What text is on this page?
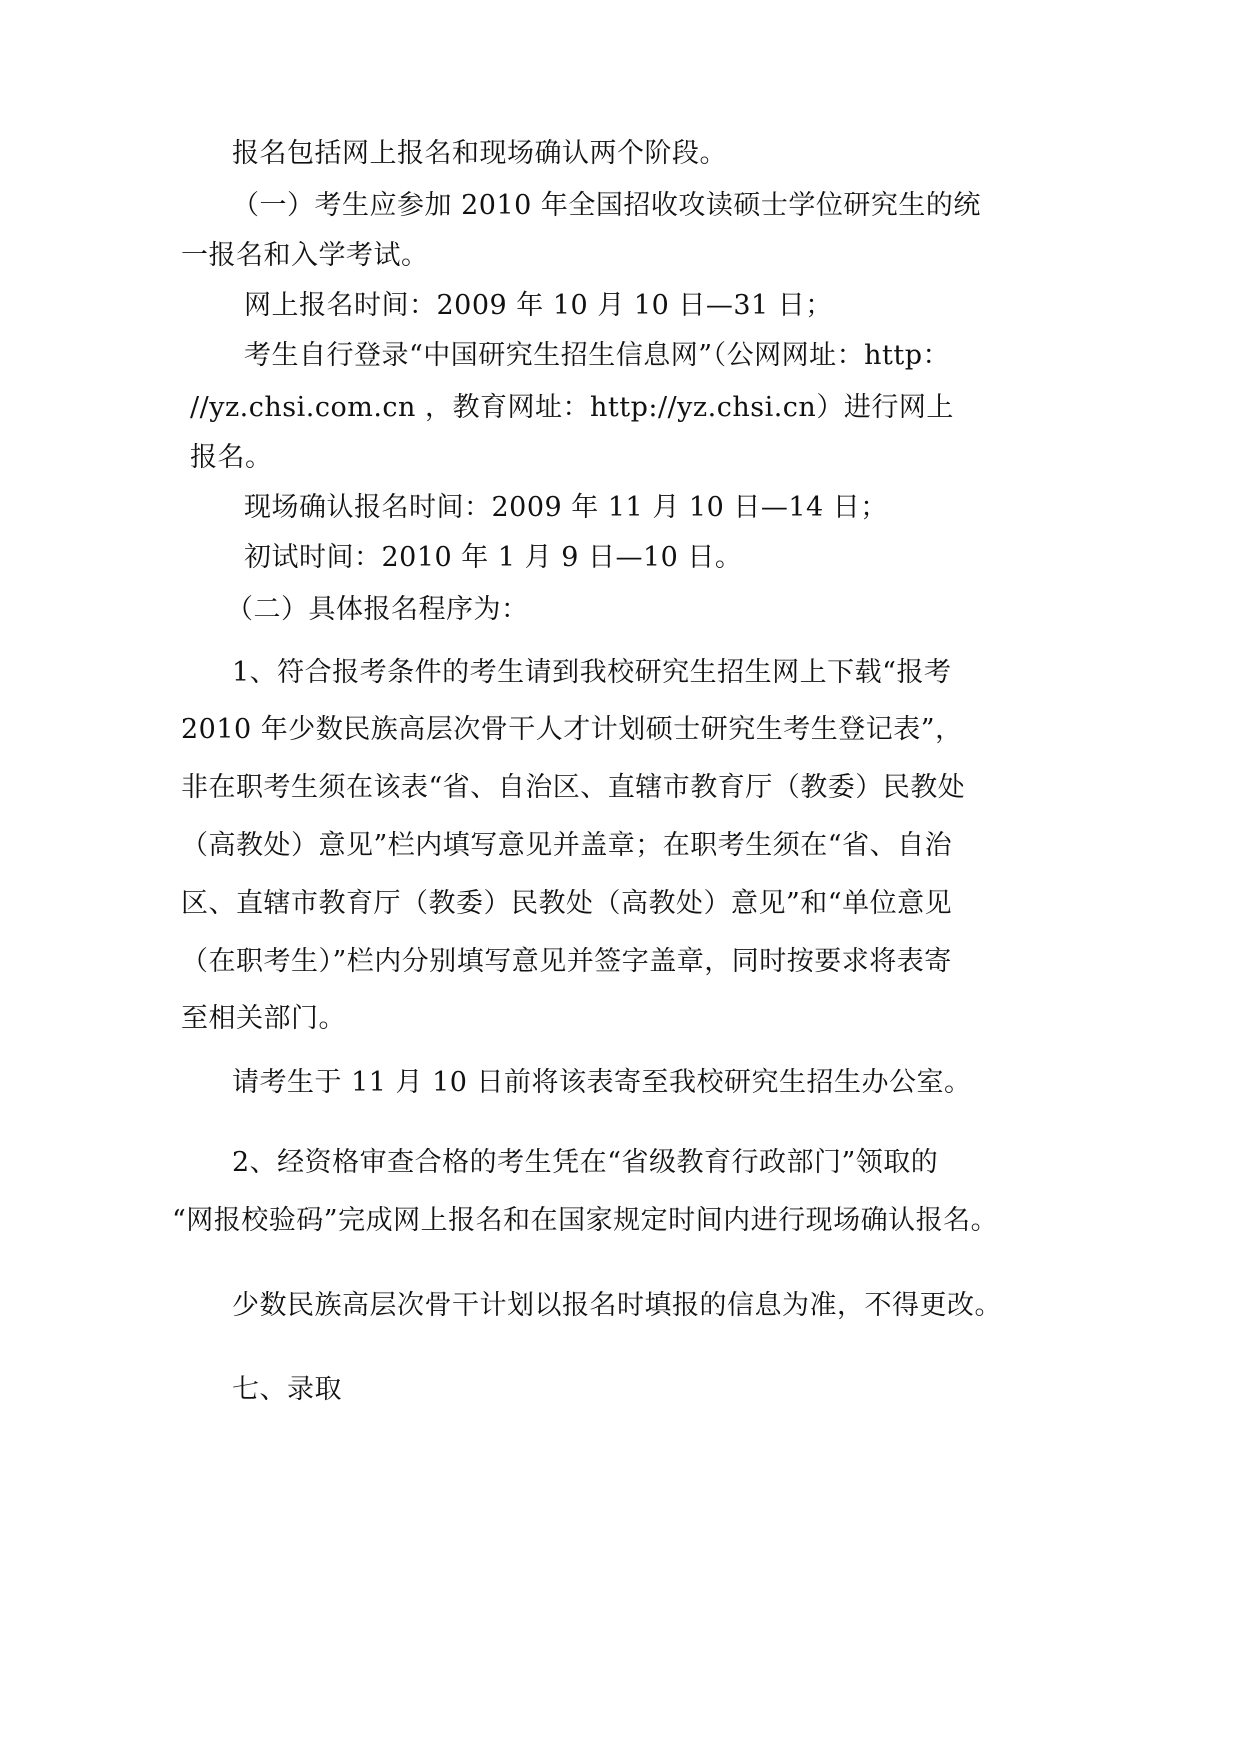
报名包括网上报名和现场确认两个阶段。
（一）考生应参加 2010 年全国招收攻读硕士学位研究生的统
一报名和入学考试。
网上报名时间：2009 年 10 月 10 日—31 日；
考生自行登录“中国研究生招生信息网”（公网网址：http：
//yz.chsi.com.cn ，教育网址：http://yz.chsi.cn）进行网上
报名。
现场确认报名时间：2009 年 11 月 10 日—14 日；
初试时间：2010 年 1 月 9 日—10 日。
（二）具体报名程序为：
1、符合报考条件的考生请到我校研究生招生网上下载“报考
2010 年少数民族高层次骨干人才计划硕士研究生考生登记表”，
非在职考生须在该表“省、自治区、直辖市教育厅（教委）民教处
（高教处）意见”栏内填写意见并盖章；在职考生须在“省、自治
区、直辖市教育厅（教委）民教处（高教处）意见”和“单位意见
（在职考生）”栏内分别填写意见并签字盖章，同时按要求将表寄
至相关部门。
请考生于 11 月 10 日前将该表寄至我校研究生招生办公室。
2、经资格审查合格的考生凭在“省级教育行政部门”领取的
“网报校验码”完成网上报名和在国家规定时间内进行现场确认报名。
少数民族高层次骨干计划以报名时填报的信息为准，不得更改。
七、录取
